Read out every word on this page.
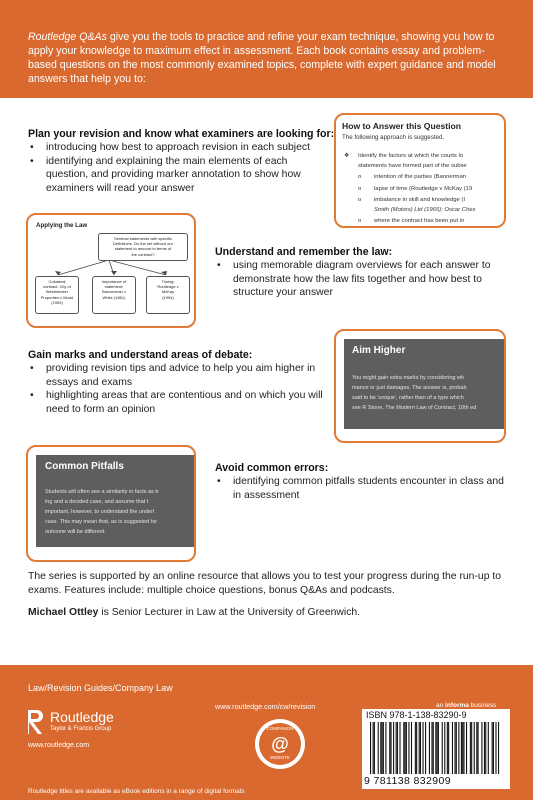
Routledge Q&As give you the tools to practice and refine your exam technique, showing you how to apply your knowledge to maximum effect in assessment. Each book contains essay and problem-based questions on the most commonly examined topics, complete with expert guidance and model answers that help you to:

Plan your revision and know what examiners are looking for:
• introducing how best to approach revision in each subject
• identifying and explaining the main elements of each question, and providing marker annotation to show how examiners will read your answer
How to Answer this Question
The following approach is suggested.
❖ Identify the factors at which the courts lo
statements have formed part of the subse
o intention of the parties (Bannerman
o lapse of time (Routledge v McKay (19
o imbalance in skill and knowledge (I
Smith (Motors) Ltd (1965); Oscar Ches
o where the contract has been put in
Applying the Law
Seminal statements with specific
Definitions. Do the set without our
statement to amount to terms of
the contract?
Collateral
contract: City of
Westminster
Properties v Mudd
(1959)
Importance of
statement:
Bannerman v
White (1861)
Timing:
Routledge v
McKay
(1954)
Understand and remember the law:
• using memorable diagram overviews for each answer to demonstrate how the law fits together and how best to structure your answer
Gain marks and understand areas of debate:
• providing revision tips and advice to help you aim higher in essays and exams
• highlighting areas that are contentious and on which you will need to form an opinion
Aim Higher
You might gain extra marks by considering wh
mance or just damages. The answer is, probab
said to be 'unique', rather than of a type which
see R Stone, The Modern Law of Contract, 10th ed
Common Pitfalls
Students will often see a similarity in facts as b
ing and a decided case, and assume that t
important, however, to understand the underl
case. This may mean that, as is suggested he
outcome will be different.
Avoid common errors:
• identifying common pitfalls students encounter in class and in assessment
The series is supported by an online resource that allows you to test your progress during the run-up to exams. Features include: multiple choice questions, bonus Q&As and podcasts.
Michael Ottley is Senior Lecturer in Law at the University of Greenwich.
Law/Revision Guides/Company Law
www.routledge.com/cw/revision	an informa business
Routledge
Taylor & Francis Group
www.routledge.com
COMPANION
@
WEBSITE
ISBN 978-1-138-83290-9
9 781138 832909
Routledge titles are available as eBook editions in a range of digital formats
